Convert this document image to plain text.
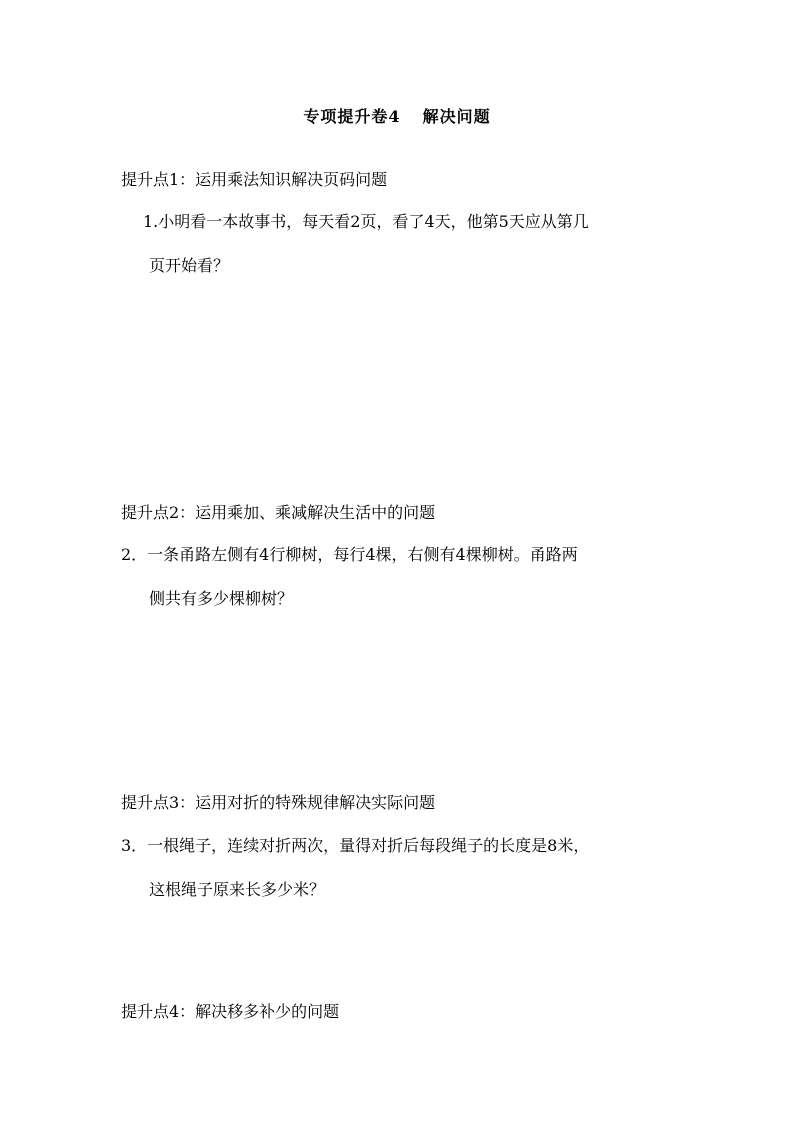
专项提升卷4 解决问题
提升点1：运用乘法知识解决页码问题
1.小明看一本故事书，每天看2页，看了4天，他第5天应从第几
页开始看？
提升点2：运用乘加、乘减解决生活中的问题
2．一条甬路左侧有4行柳树，每行4棵，右侧有4棵柳树。甬路两
侧共有多少棵柳树？
提升点3：运用对折的特殊规律解决实际问题
3．一根绳子，连续对折两次，量得对折后每段绳子的长度是8米，
这根绳子原来长多少米？
提升点4：解决移多补少的问题
